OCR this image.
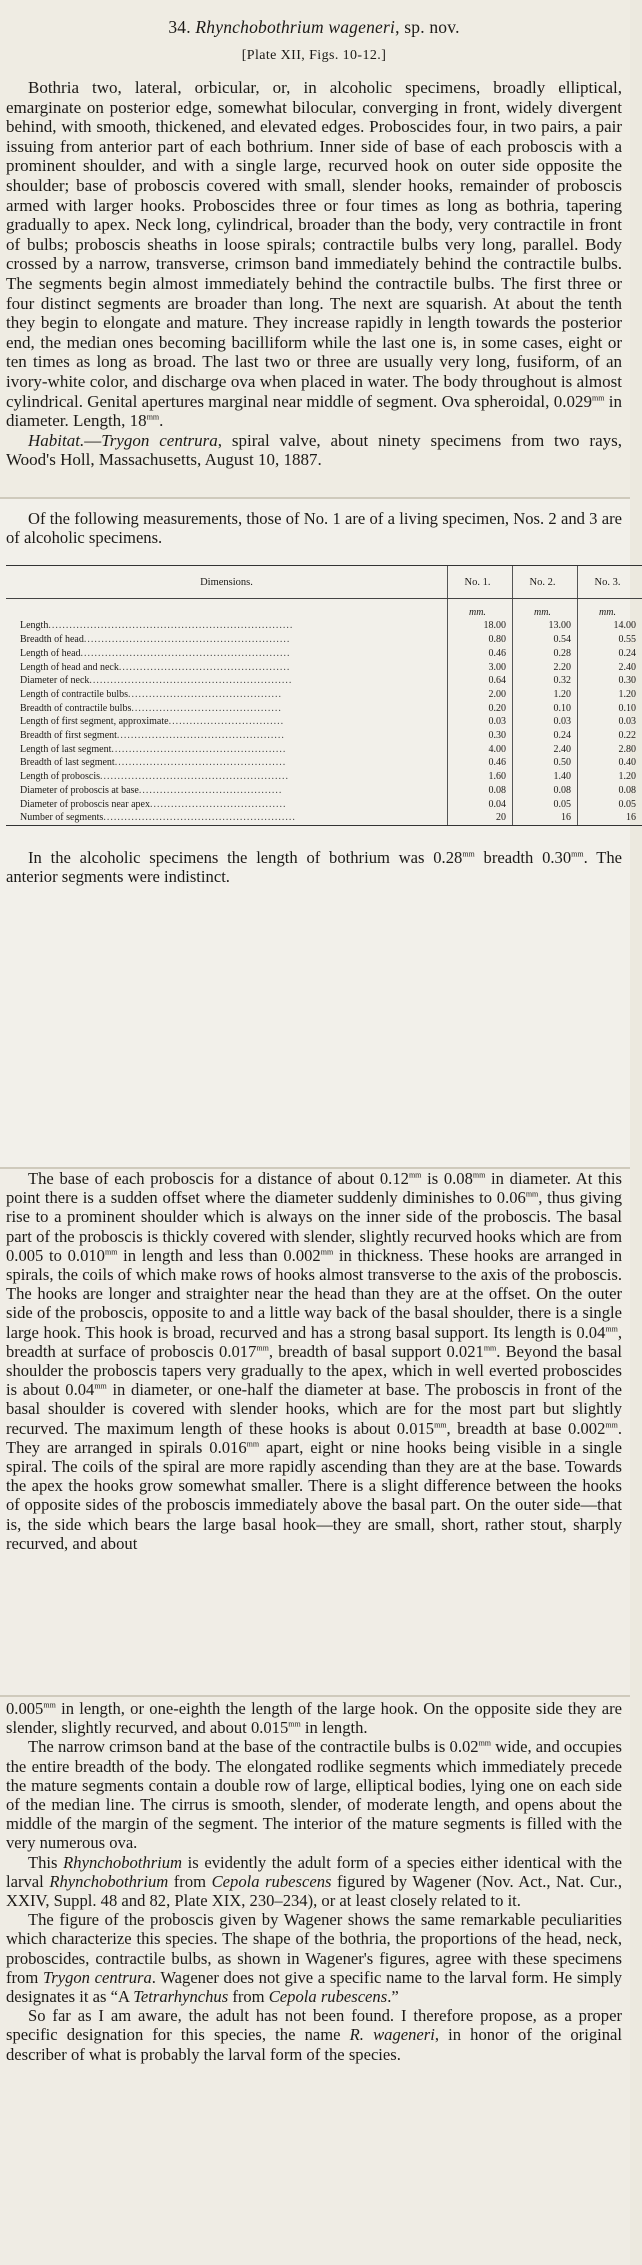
34. Rhynchobothrium wageneri, sp. nov.
[Plate XII, Figs. 10-12.]

Bothria two, lateral, orbicular, or, in alcoholic specimens, broadly elliptical, emarginate on posterior edge, somewhat bilocular, converging in front, widely divergent behind, with smooth, thickened, and elevated edges. Proboscides four, in two pairs, a pair issuing from anterior part of each bothrium. Inner side of base of each proboscis with a prominent shoulder, and with a single large, recurved hook on outer side opposite the shoulder; base of proboscis covered with small, slender hooks, remainder of proboscis armed with larger hooks. Proboscides three or four times as long as bothria, tapering gradually to apex. Neck long, cylindrical, broader than the body, very contractile in front of bulbs; proboscis sheaths in loose spirals; contractile bulbs very long, parallel. Body crossed by a narrow, transverse, crimson band immediately behind the contractile bulbs. The segments begin almost immediately behind the contractile bulbs. The first three or four distinct segments are broader than long. The next are squarish. At about the tenth they begin to elongate and mature. They increase rapidly in length towards the posterior end, the median ones becoming bacilliform while the last one is, in some cases, eight or ten times as long as broad. The last two or three are usually very long, fusiform, of an ivory-white color, and discharge ova when placed in water. The body throughout is almost cylindrical. Genital apertures marginal near middle of segment. Ova spheroidal, $0.029^{mm}$ in diameter. Length, $18^{mm}$.

Habitat.—Trygon centrura, spiral valve, about ninety specimens from two rays, Wood's Holl, Massachusetts, August 10, 1887.

Of the following measurements, those of No. 1 are of a living specimen, Nos. 2 and 3 are of alcoholic specimens.

Dimensions.	No. 1.	No. 2.	No. 3.
	mm.	mm.	mm.
Length......................................................................	18.00	13.00	14.00
Breadth of head...........................................................	0.80	0.54	0.55
Length of head............................................................	0.46	0.28	0.24
Length of head and neck.................................................	3.00	2.20	2.40
Diameter of neck..........................................................	0.64	0.32	0.30
Length of contractile bulbs............................................	2.00	1.20	1.20
Breadth of contractile bulbs...........................................	0.20	0.10	0.10
Length of first segment, approximate.................................	0.03	0.03	0.03
Breadth of first segment................................................	0.30	0.24	0.22
Length of last segment..................................................	4.00	2.40	2.80
Breadth of last segment.................................................	0.46	0.50	0.40
Length of proboscis......................................................	1.60	1.40	1.20
Diameter of proboscis at base.........................................	0.08	0.08	0.08
Diameter of proboscis near apex.......................................	0.04	0.05	0.05
Number of segments.......................................................	20	16	16

In the alcoholic specimens the length of bothrium was $0.28^{mm}$ breadth $0.30^{mm}$. The anterior segments were indistinct.

The base of each proboscis for a distance of about $0.12^{mm}$ is $0.08^{mm}$ in diameter. At this point there is a sudden offset where the diameter suddenly diminishes to $0.06^{mm}$, thus giving rise to a prominent shoulder which is always on the inner side of the proboscis. The basal part of the proboscis is thickly covered with slender, slightly recurved hooks which are from 0.005 to $0.010^{mm}$ in length and less than $0.002^{mm}$ in thickness. These hooks are arranged in spirals, the coils of which make rows of hooks almost transverse to the axis of the proboscis. The hooks are longer and straighter near the head than they are at the offset. On the outer side of the proboscis, opposite to and a little way back of the basal shoulder, there is a single large hook. This hook is broad, recurved and has a strong basal support. Its length is $0.04^{mm}$, breadth at surface of proboscis $0.017^{mm}$, breadth of basal support $0.021^{mm}$. Beyond the basal shoulder the proboscis tapers very gradually to the apex, which in well everted proboscides is about $0.04^{mm}$ in diameter, or one-half the diameter at base. The proboscis in front of the basal shoulder is covered with slender hooks, which are for the most part but slightly recurved. The maximum length of these hooks is about $0.015^{mm}$, breadth at base $0.002^{mm}$. They are arranged in spirals $0.016^{mm}$ apart, eight or nine hooks being visible in a single spiral. The coils of the spiral are more rapidly ascending than they are at the base. Towards the apex the hooks grow somewhat smaller. There is a slight difference between the hooks of opposite sides of the proboscis immediately above the basal part. On the outer side—that is, the side which bears the large basal hook—they are small, short, rather stout, sharply recurved, and about

$0.005^{mm}$ in length, or one-eighth the length of the large hook. On the opposite side they are slender, slightly recurved, and about $0.015^{mm}$ in length.

The narrow crimson band at the base of the contractile bulbs is $0.02^{mm}$ wide, and occupies the entire breadth of the body. The elongated rodlike segments which immediately precede the mature segments contain a double row of large, elliptical bodies, lying one on each side of the median line. The cirrus is smooth, slender, of moderate length, and opens about the middle of the margin of the segment. The interior of the mature segments is filled with the very numerous ova.

This Rhynchobothrium is evidently the adult form of a species either identical with the larval Rhynchobothrium from Cepola rubescens figured by Wagener (Nov. Act., Nat. Cur., XXIV, Suppl. 48 and 82, Plate XIX, 230–234), or at least closely related to it.

The figure of the proboscis given by Wagener shows the same remarkable peculiarities which characterize this species. The shape of the bothria, the proportions of the head, neck, proboscides, contractile bulbs, as shown in Wagener's figures, agree with these specimens from Trygon centrura. Wagener does not give a specific name to the larval form. He simply designates it as “A Tetrarhynchus from Cepola rubescens.”

So far as I am aware, the adult has not been found. I therefore propose, as a proper specific designation for this species, the name R. wageneri, in honor of the original describer of what is probably the larval form of the species.
